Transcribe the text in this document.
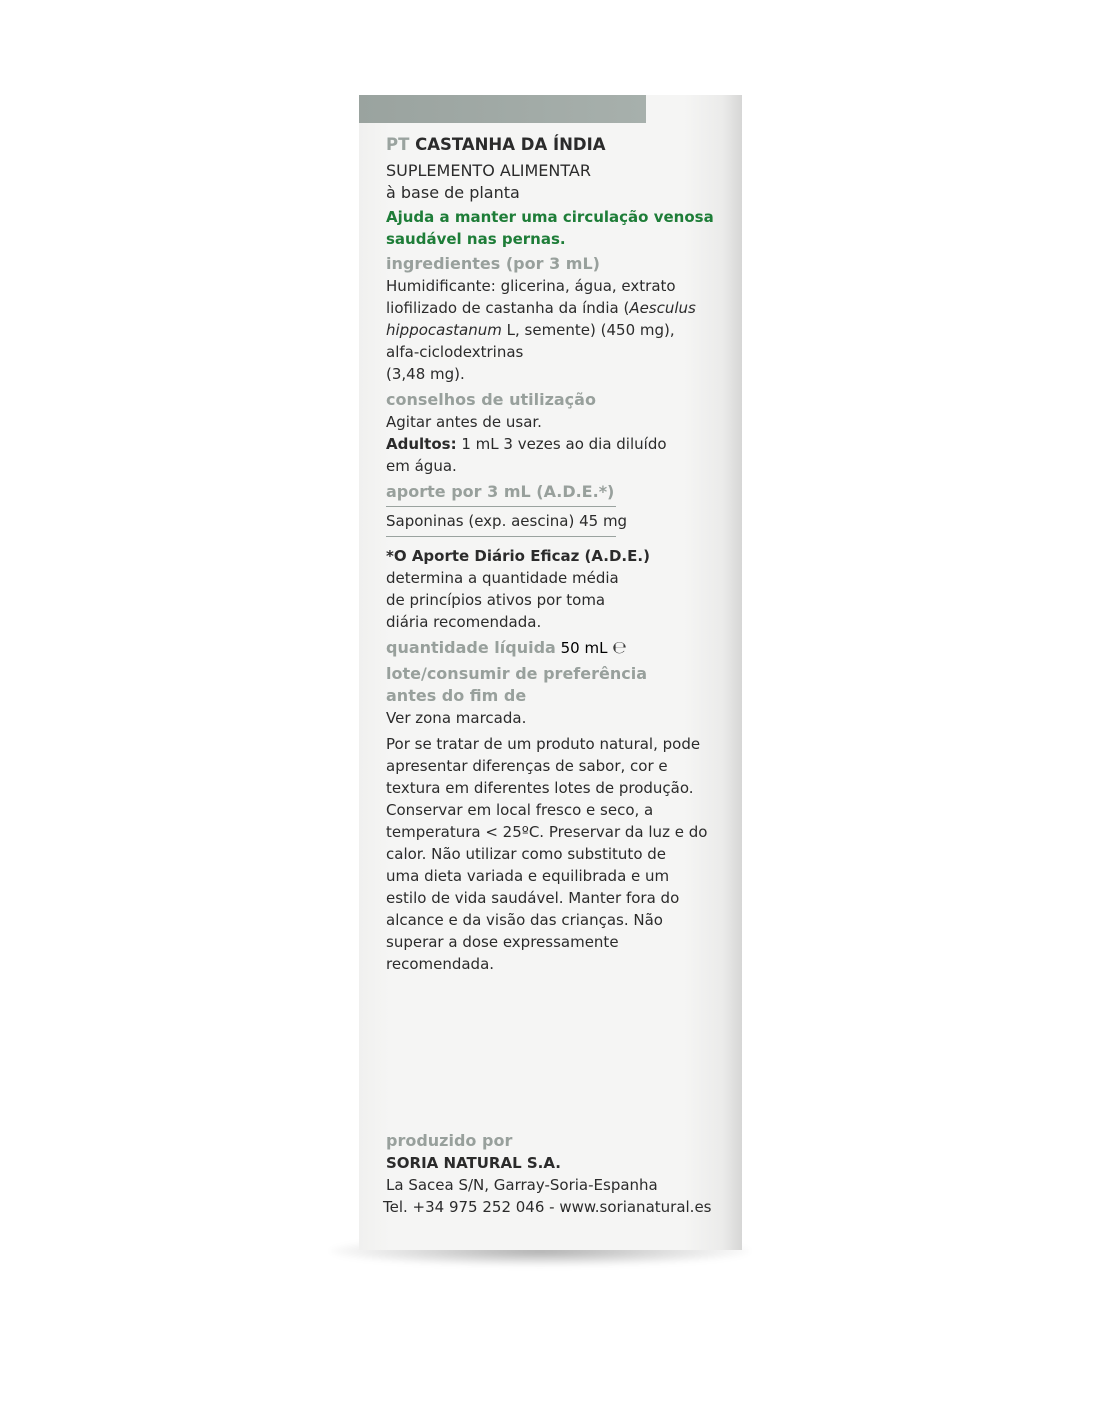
PT CASTANHA DA ÍNDIA
SUPLEMENTO ALIMENTAR
à base de planta
Ajuda a manter uma circulação venosa
saudável nas pernas.
ingredientes (por 3 mL)
Humidificante: glicerina, água, extrato
liofilizado de castanha da índia (Aesculus
hippocastanum L, semente) (450 mg),
alfa-ciclodextrinas
(3,48 mg).
conselhos de utilização
Agitar antes de usar.
Adultos: 1 mL 3 vezes ao dia diluído
em água.
aporte por 3 mL (A.D.E.*)
Saponinas (exp. aescina) 45 mg
*O Aporte Diário Eficaz (A.D.E.)
determina a quantidade média
de princípios ativos por toma
diária recomendada.
quantidade líquida 50 mL ℮
lote/consumir de preferência
antes do fim de
Ver zona marcada.
Por se tratar de um produto natural, pode
apresentar diferenças de sabor, cor e
textura em diferentes lotes de produção.
Conservar em local fresco e seco, a
temperatura < 25ºC. Preservar da luz e do
calor. Não utilizar como substituto de
uma dieta variada e equilibrada e um
estilo de vida saudável. Manter fora do
alcance e da visão das crianças. Não
superar a dose expressamente
recomendada.
produzido por
SORIA NATURAL S.A.
La Sacea S/N, Garray-Soria-Espanha
Tel. +34 975 252 046 - www.sorianatural.es
